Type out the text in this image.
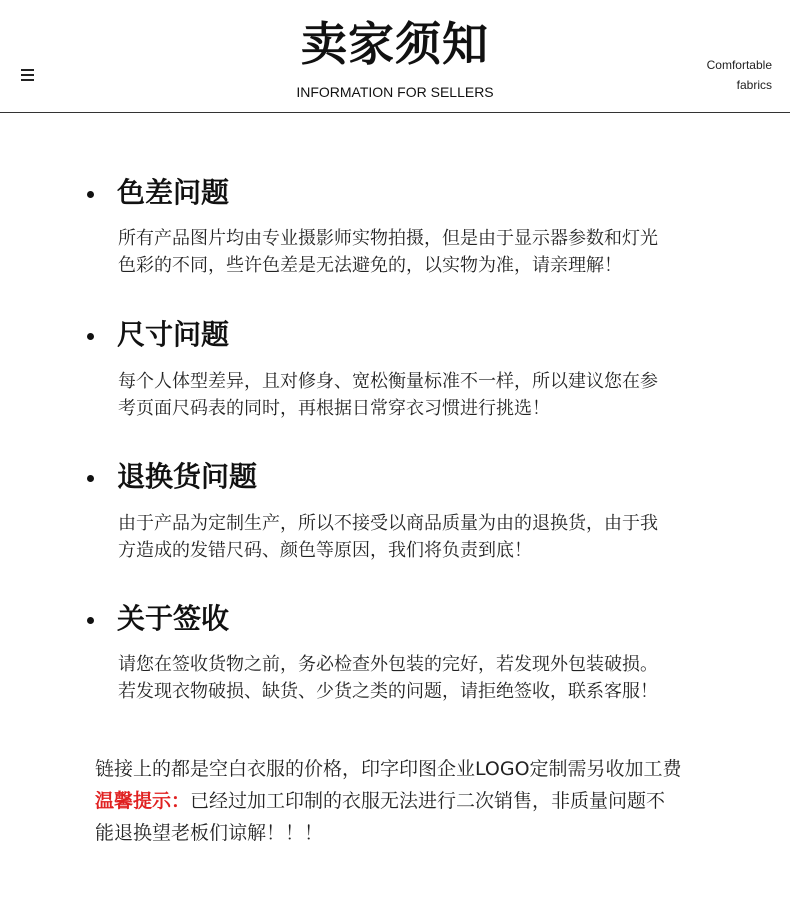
卖家须知
INFORMATION FOR SELLERS
Comfortable
fabrics
色差问题
所有产品图片均由专业摄影师实物拍摄，但是由于显示器参数和灯光
色彩的不同，些许色差是无法避免的，以实物为准，请亲理解！
尺寸问题
每个人体型差异，且对修身、宽松衡量标准不一样，所以建议您在参
考页面尺码表的同时，再根据日常穿衣习惯进行挑选！
退换货问题
由于产品为定制生产，所以不接受以商品质量为由的退换货，由于我
方造成的发错尺码、颜色等原因，我们将负责到底！
关于签收
请您在签收货物之前，务必检查外包装的完好，若发现外包装破损。
若发现衣物破损、缺货、少货之类的问题，请拒绝签收，联系客服！
链接上的都是空白衣服的价格，印字印图企业LOGO定制需另收加工费
温馨提示：已经过加工印制的衣服无法进行二次销售，非质量问题不
能退换望老板们谅解！！！
